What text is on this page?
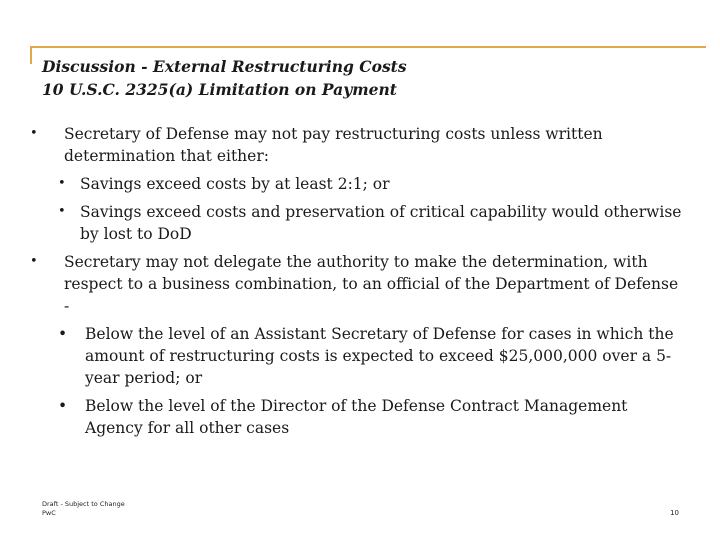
Discussion - External Restructuring Costs
10 U.S.C. 2325(a) Limitation on Payment
•	Secretary of Defense may not pay restructuring costs unless written determination that either:
• Savings exceed costs by at least 2:1; or
• Savings exceed costs and preservation of critical capability would otherwise by lost to DoD
•	Secretary may not delegate the authority to make the determination, with respect to a business combination, to an official of the Department of Defense -
•	Below the level of an Assistant Secretary of Defense for cases in which the amount of restructuring costs is expected to exceed $25,000,000 over a 5-year period; or
•	Below the level of the Director of the Defense Contract Management Agency for all other cases
Draft - Subject to Change
PwC	10
